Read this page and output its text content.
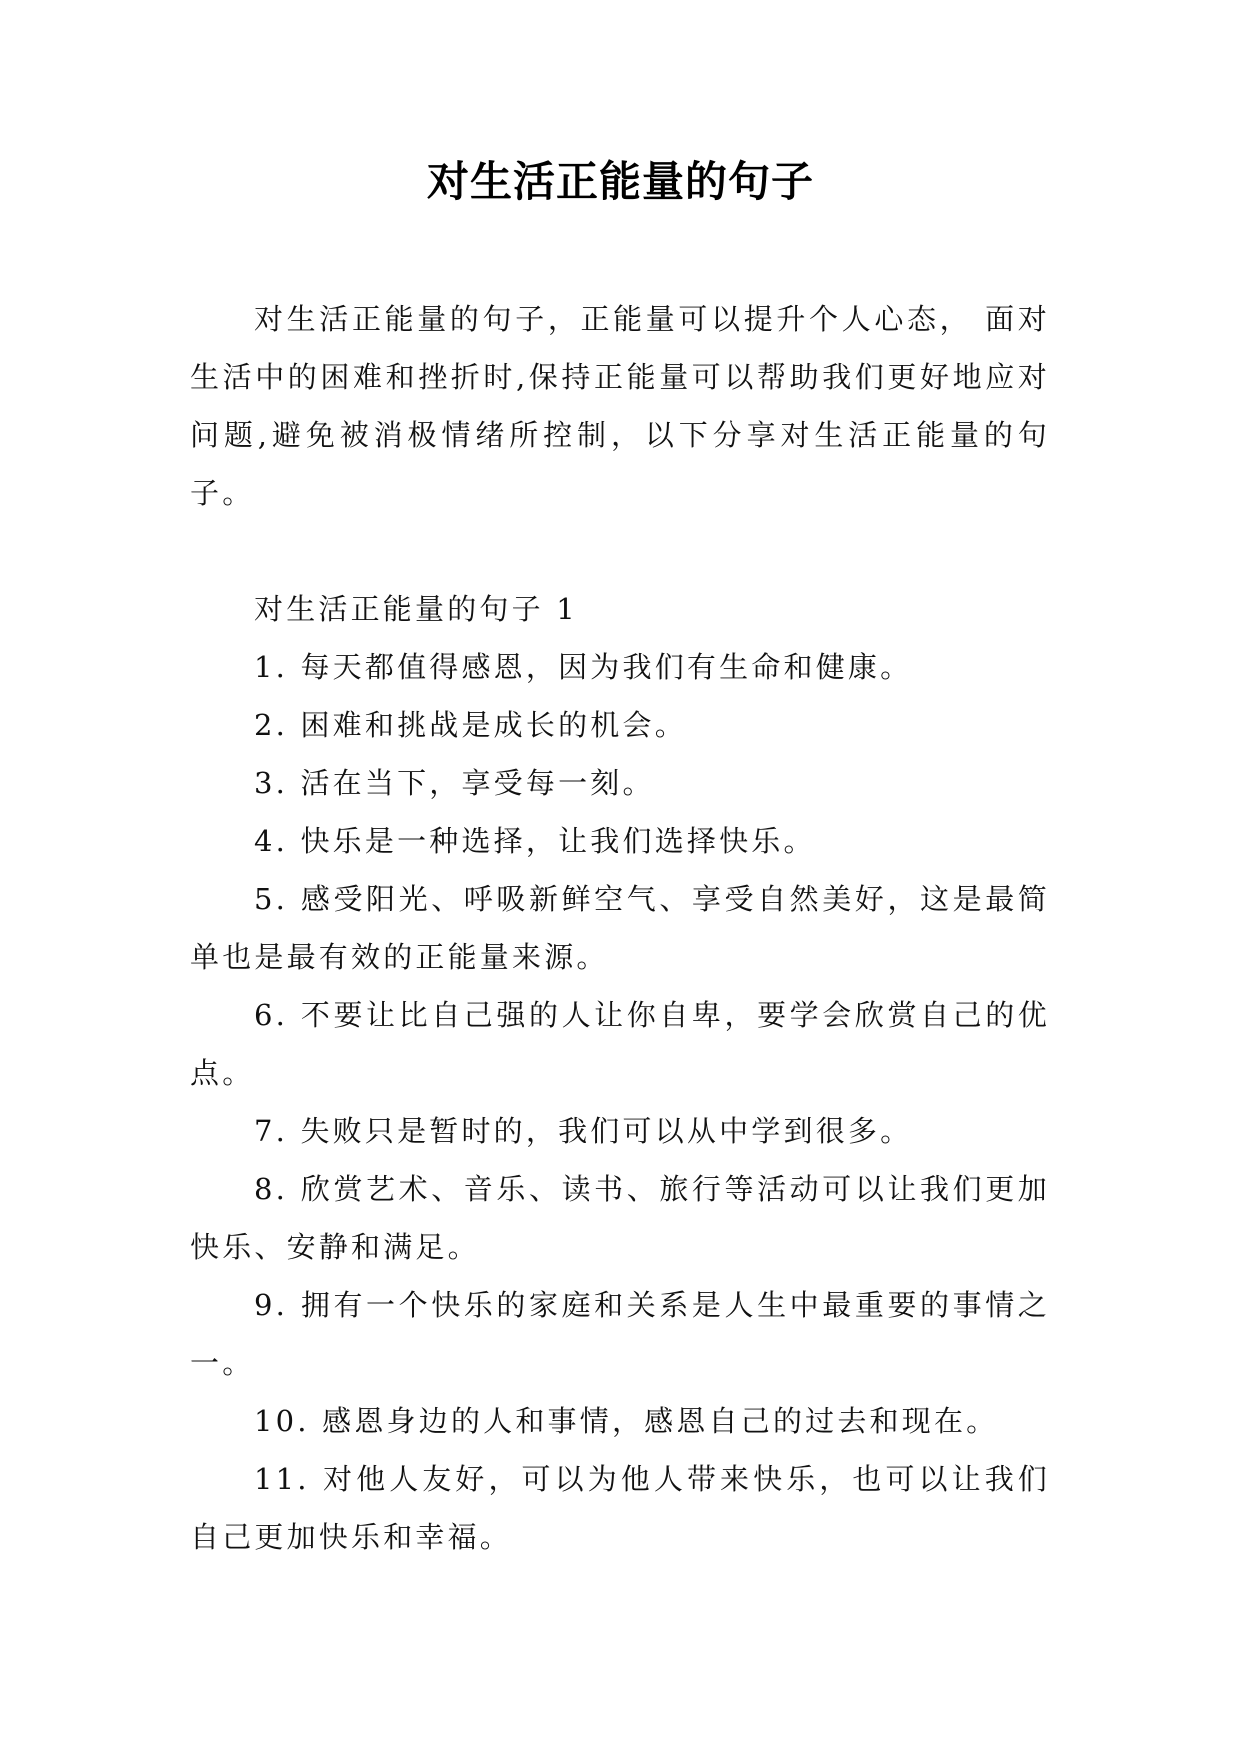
对生活正能量的句子

对生活正能量的句子，正能量可以提升个人心态， 面对生活中的困难和挫折时,保持正能量可以帮助我们更好地应对问题,避免被消极情绪所控制，以下分享对生活正能量的句子。

对生活正能量的句子 1

1. 每天都值得感恩，因为我们有生命和健康。

2. 困难和挑战是成长的机会。

3. 活在当下，享受每一刻。

4. 快乐是一种选择，让我们选择快乐。

5. 感受阳光、呼吸新鲜空气、享受自然美好，这是最简单也是最有效的正能量来源。

6. 不要让比自己强的人让你自卑，要学会欣赏自己的优点。

7. 失败只是暂时的，我们可以从中学到很多。

8. 欣赏艺术、音乐、读书、旅行等活动可以让我们更加快乐、安静和满足。

9. 拥有一个快乐的家庭和关系是人生中最重要的事情之一。

10. 感恩身边的人和事情，感恩自己的过去和现在。

11. 对他人友好，可以为他人带来快乐，也可以让我们自己更加快乐和幸福。
